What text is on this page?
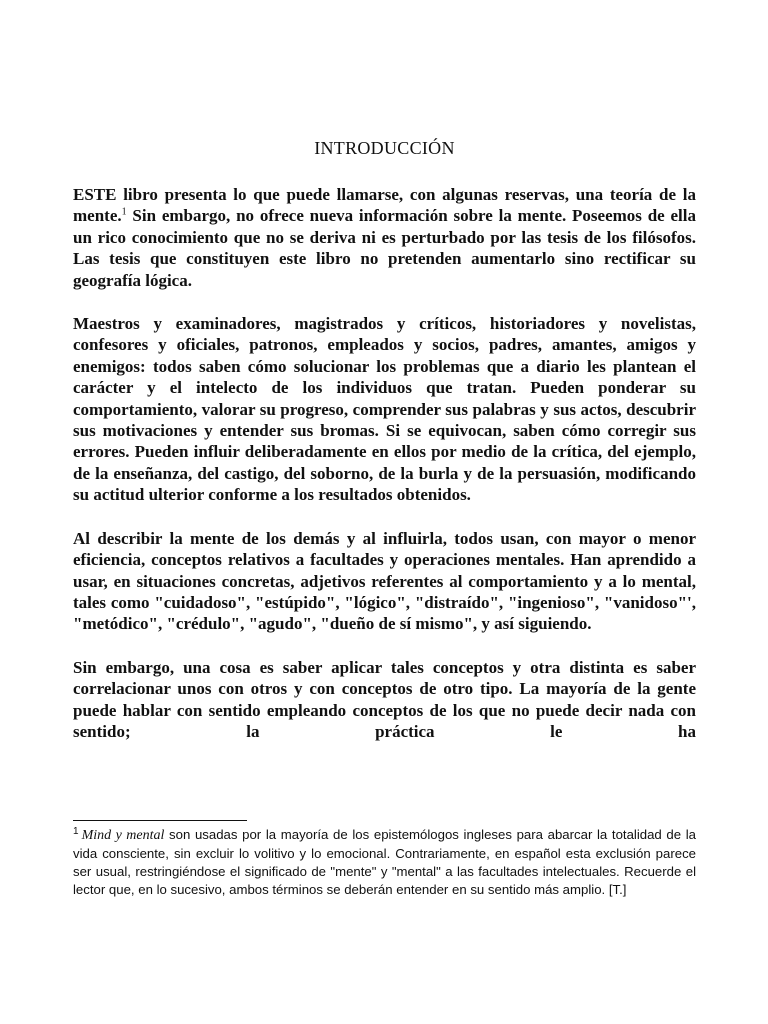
INTRODUCCIÓN

ESTE libro presenta lo que puede llamarse, con algunas reservas, una teoría de la mente.$^1$ Sin embargo, no ofrece nueva información sobre la mente. Poseemos de ella un rico conocimiento que no se deriva ni es perturbado por las tesis de los filósofos. Las tesis que constituyen este libro no pretenden aumentarlo sino rectificar su geografía lógica.

Maestros y examinadores, magistrados y críticos, historiadores y novelistas, confesores y oficiales, patronos, empleados y socios, padres, amantes, amigos y enemigos: todos saben cómo solucionar los problemas que a diario les plantean el carácter y el intelecto de los individuos que tratan. Pueden ponderar su comportamiento, valorar su progreso, comprender sus palabras y sus actos, descubrir sus motivaciones y entender sus bromas. Si se equivocan, saben cómo corregir sus errores. Pueden influir deliberadamente en ellos por medio de la crítica, del ejemplo, de la enseñanza, del castigo, del soborno, de la burla y de la persuasión, modificando su actitud ulterior conforme a los resultados obtenidos.

Al describir la mente de los demás y al influirla, todos usan, con mayor o menor eficiencia, conceptos relativos a facultades y operaciones mentales. Han aprendido a usar, en situaciones concretas, adjetivos referentes al comportamiento y a lo mental, tales como "cuidadoso", "estúpido", "lógico", "distraído", "ingenioso", "vanidoso"', "metódico", "crédulo", "agudo", "dueño de sí mismo", y así siguiendo.

Sin embargo, una cosa es saber aplicar tales conceptos y otra distinta es saber correlacionar unos con otros y con conceptos de otro tipo. La mayoría de la gente puede hablar con sentido empleando conceptos de los que no puede decir nada con sentido; la práctica le ha

$^1$ Mind y mental son usadas por la mayoría de los epistemólogos ingleses para abarcar la totalidad de la vida consciente, sin excluir lo volitivo y lo emocional. Contrariamente, en español esta exclusión parece ser usual, restringiéndose el significado de "mente" y "mental" a las facultades intelectuales. Recuerde el lector que, en lo sucesivo, ambos términos se deberán entender en su sentido más amplio. [T.]
